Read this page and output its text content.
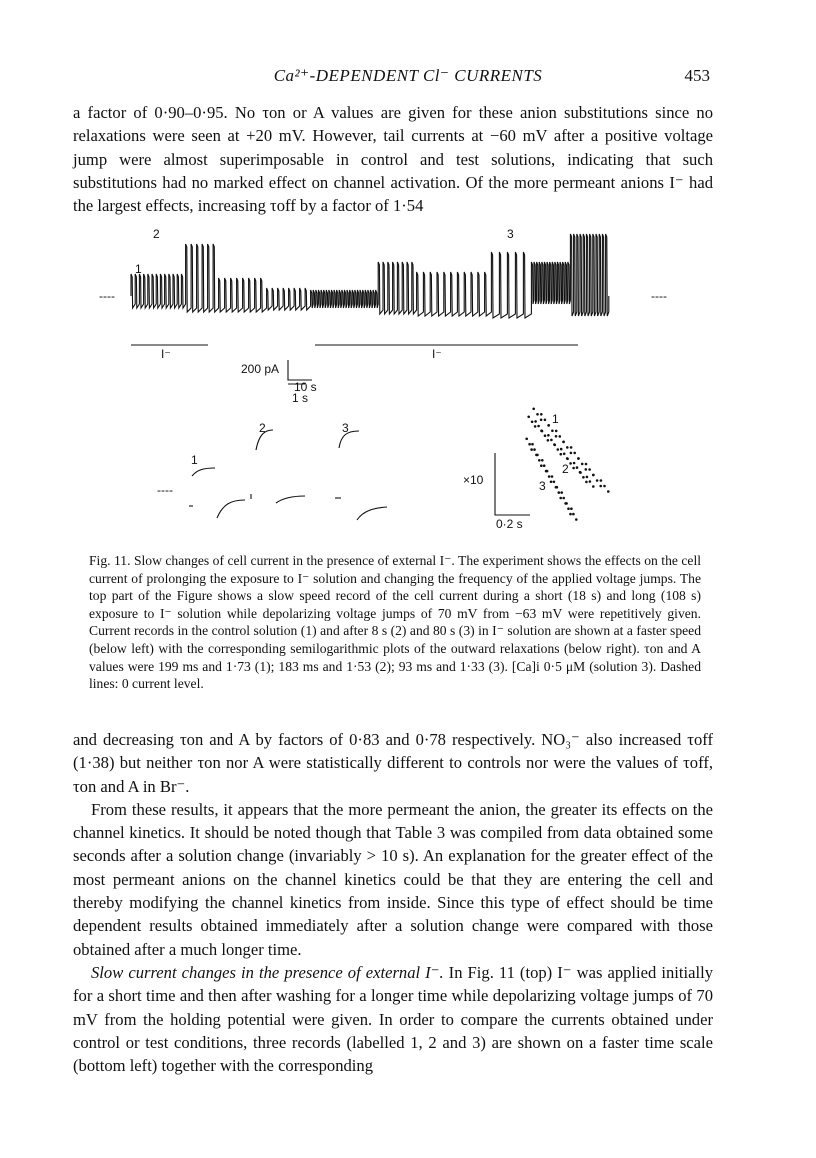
Ca²⁺-DEPENDENT Cl⁻ CURRENTS	453

a factor of 0·90–0·95. No τon or A values are given for these anion substitutions since no relaxations were seen at +20 mV. However, tail currents at −60 mV after a positive voltage jump were almost superimposable in control and test solutions, indicating that such substitutions had no marked effect on channel activation. Of the more permeant anions I⁻ had the largest effects, increasing τoff by a factor of 1·54

2
1
3
----	----
I⁻	I⁻
200 pA
10 s
1 s
1
2	3
----
×10
0·2 s
1
2
3

Fig. 11. Slow changes of cell current in the presence of external I⁻. The experiment shows the effects on the cell current of prolonging the exposure to I⁻ solution and changing the frequency of the applied voltage jumps. The top part of the Figure shows a slow speed record of the cell current during a short (18 s) and long (108 s) exposure to I⁻ solution while depolarizing voltage jumps of 70 mV from −63 mV were repetitively given. Current records in the control solution (1) and after 8 s (2) and 80 s (3) in I⁻ solution are shown at a faster speed (below left) with the corresponding semilogarithmic plots of the outward relaxations (below right). τon and A values were 199 ms and 1·73 (1); 183 ms and 1·53 (2); 93 ms and 1·33 (3). [Ca]i 0·5 μM (solution 3). Dashed lines: 0 current level.

and decreasing τon and A by factors of 0·83 and 0·78 respectively. NO₃⁻ also increased τoff (1·38) but neither τon nor A were statistically different to controls nor were the values of τoff, τon and A in Br⁻.

From these results, it appears that the more permeant the anion, the greater its effects on the channel kinetics. It should be noted though that Table 3 was compiled from data obtained some seconds after a solution change (invariably > 10 s). An explanation for the greater effect of the most permeant anions on the channel kinetics could be that they are entering the cell and thereby modifying the channel kinetics from inside. Since this type of effect should be time dependent results obtained immediately after a solution change were compared with those obtained after a much longer time.

Slow current changes in the presence of external I⁻. In Fig. 11 (top) I⁻ was applied initially for a short time and then after washing for a longer time while depolarizing voltage jumps of 70 mV from the holding potential were given. In order to compare the currents obtained under control or test conditions, three records (labelled 1, 2 and 3) are shown on a faster time scale (bottom left) together with the corresponding
